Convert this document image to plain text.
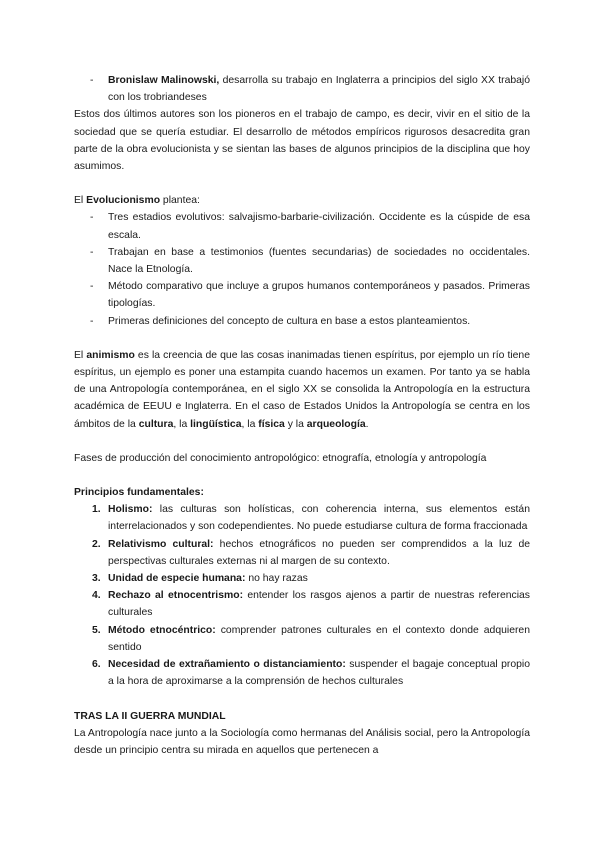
- Bronislaw Malinowski, desarrolla su trabajo en Inglaterra a principios del siglo XX trabajó con los trobriandeses

Estos dos últimos autores son los pioneros en el trabajo de campo, es decir, vivir en el sitio de la sociedad que se quería estudiar. El desarrollo de métodos empíricos rigurosos desacredita gran parte de la obra evolucionista y se sientan las bases de algunos principios de la disciplina que hoy asumimos.

El Evolucionismo plantea:

- Tres estadios evolutivos: salvajismo-barbarie-civilización. Occidente es la cúspide de esa escala.
- Trabajan en base a testimonios (fuentes secundarias) de sociedades no occidentales. Nace la Etnología.
- Método comparativo que incluye a grupos humanos contemporáneos y pasados. Primeras tipologías.
- Primeras definiciones del concepto de cultura en base a estos planteamientos.

El animismo es la creencia de que las cosas inanimadas tienen espíritus, por ejemplo un río tiene espíritus, un ejemplo es poner una estampita cuando hacemos un examen. Por tanto ya se habla de una Antropología contemporánea, en el siglo XX se consolida la Antropología en la estructura académica de EEUU e Inglaterra. En el caso de Estados Unidos la Antropología se centra en los ámbitos de la cultura, la lingüística, la física y la arqueología.

Fases de producción del conocimiento antropológico: etnografía, etnología y antropología

Principios fundamentales:

1. Holismo: las culturas son holísticas, con coherencia interna, sus elementos están interrelacionados y son codependientes. No puede estudiarse cultura de forma fraccionada
2. Relativismo cultural: hechos etnográficos no pueden ser comprendidos a la luz de perspectivas culturales externas ni al margen de su contexto.
3. Unidad de especie humana: no hay razas
4. Rechazo al etnocentrismo: entender los rasgos ajenos a partir de nuestras referencias culturales
5. Método etnocéntrico: comprender patrones culturales en el contexto donde adquieren sentido
6. Necesidad de extrañamiento o distanciamiento: suspender el bagaje conceptual propio a la hora de aproximarse a la comprensión de hechos culturales

TRAS LA II GUERRA MUNDIAL

La Antropología nace junto a la Sociología como hermanas del Análisis social, pero la Antropología desde un principio centra su mirada en aquellos que pertenecen a
